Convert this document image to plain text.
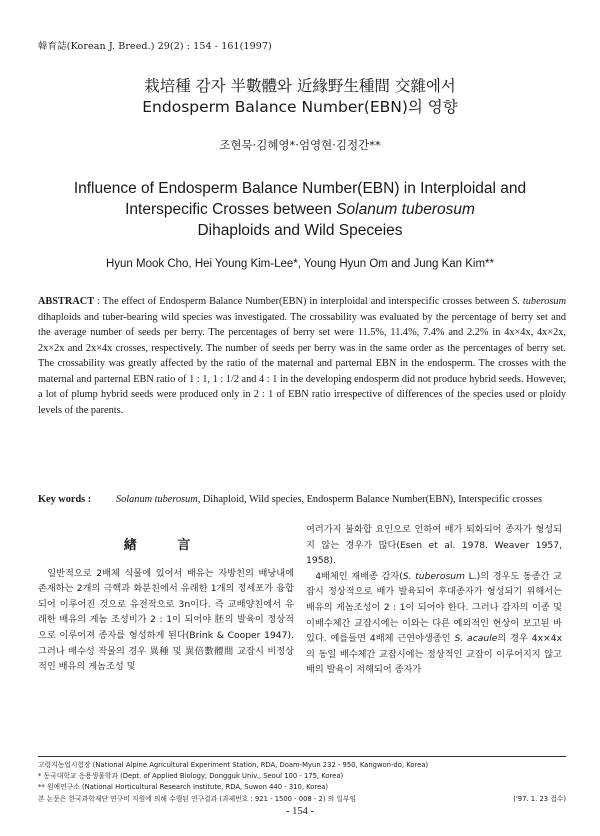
韓育誌(Korean J. Breed.) 29(2) : 154 - 161(1997)
栽培種 감자 半數體와 近緣野生種間 交雜에서
Endosperm Balance Number(EBN)의 영향
조현묵·김혜영*·엄영현·김정간**
Influence of Endosperm Balance Number(EBN) in Interploidal and
Interspecific Crosses between Solanum tuberosum
Dihaploids and Wild Speceies
Hyun Mook Cho, Hei Young Kim-Lee*, Young Hyun Om and Jung Kan Kim**
ABSTRACT : The effect of Endosperm Balance Number(EBN) in interploidal and interspecific crosses between S. tuberosum dihaploids and tuber-bearing wild species was investigated. The crossability was evaluated by the percentage of berry set and the average number of seeds per berry. The percentages of berry set were 11.5%, 11.4%, 7.4% and 2.2% in 4x×4x, 4x×2x, 2x×2x and 2x×4x crosses, respectively. The number of seeds per berry was in the same order as the percentages of berry set. The crossability was greatly affected by the ratio of the maternal and parternal EBN in the endosperm. The crosses with the maternal and parternal EBN ratio of 1 : 1, 1 : 1/2 and 4 : 1 in the developing endosperm did not produce hybrid seeds. However, a lot of plump hybrid seeds were produced only in 2 : 1 of EBN ratio irrespective of differences of the species used or ploidy levels of the parents.
Key words : Solanum tuberosum, Dihaploid, Wild species, Endosperm Balance Number(EBN), Interspecific crosses
緖 言

일반적으로 2배체 식물에 있어서 배유는 자방친의 배낭내에 존재하는 2개의 극핵과 화분친에서 유래한 1개의 정세포가 융합되어 이루어진 것으로 유전적으로 3n이다. 즉 교배양친에서 유래한 배유의 게놈 조성비가 2 : 1이 되어야 胚의 발육이 정상적으로 이루어져 종자를 형성하게 된다(Brink & Cooper 1947). 그러나 배수성 작물의 경우 異種 및 異倍數體間 교잡시 비정상적인 배유의 게놈조성 및

여러가지 불화합 요인으로 인하여 배가 퇴화되어 종자가 형성되지 않는 경우가 많다(Esen et al. 1978. Weaver 1957, 1958).

4배체인 재배종 감자(S. tuberosum L.)의 경우도 동종간 교잡시 정상적으로 배가 발육되어 후대종자가 형성되기 위해서는 배유의 게놈조성이 2 : 1이 되어야 한다. 그러나 감자의 이종 및 이배수체간 교잡시에는 이와는 다른 예외적인 현상이 보고된 바 있다. 예를들면 4배체 근연야생종인 S. acaule의 경우 4x×4x의 동일 배수체간 교잡시에는 정상적인 교잡이 이루어지지 않고 배의 발육이 저해되어 종자가

고령지농업시험장 (National Alpine Agricultural Experiment Station, RDA, Doam-Myun 232 - 950, Kangwon-do, Korea)
* 동국대학교 응용생물학과 (Dept. of Applied Biology, Dongguk Univ., Seoul 100 - 175, Korea)
** 원예연구소 (National Horticultural Research Institute, RDA, Suwon 440 - 310, Korea)
본 논문은 한국과학재단 연구비 지원에 의해 수행된 연구결과 (과제번호 : 921 - 1500 - 008 - 2) 의 일부임	('97. 1. 23 접수)
- 154 -
